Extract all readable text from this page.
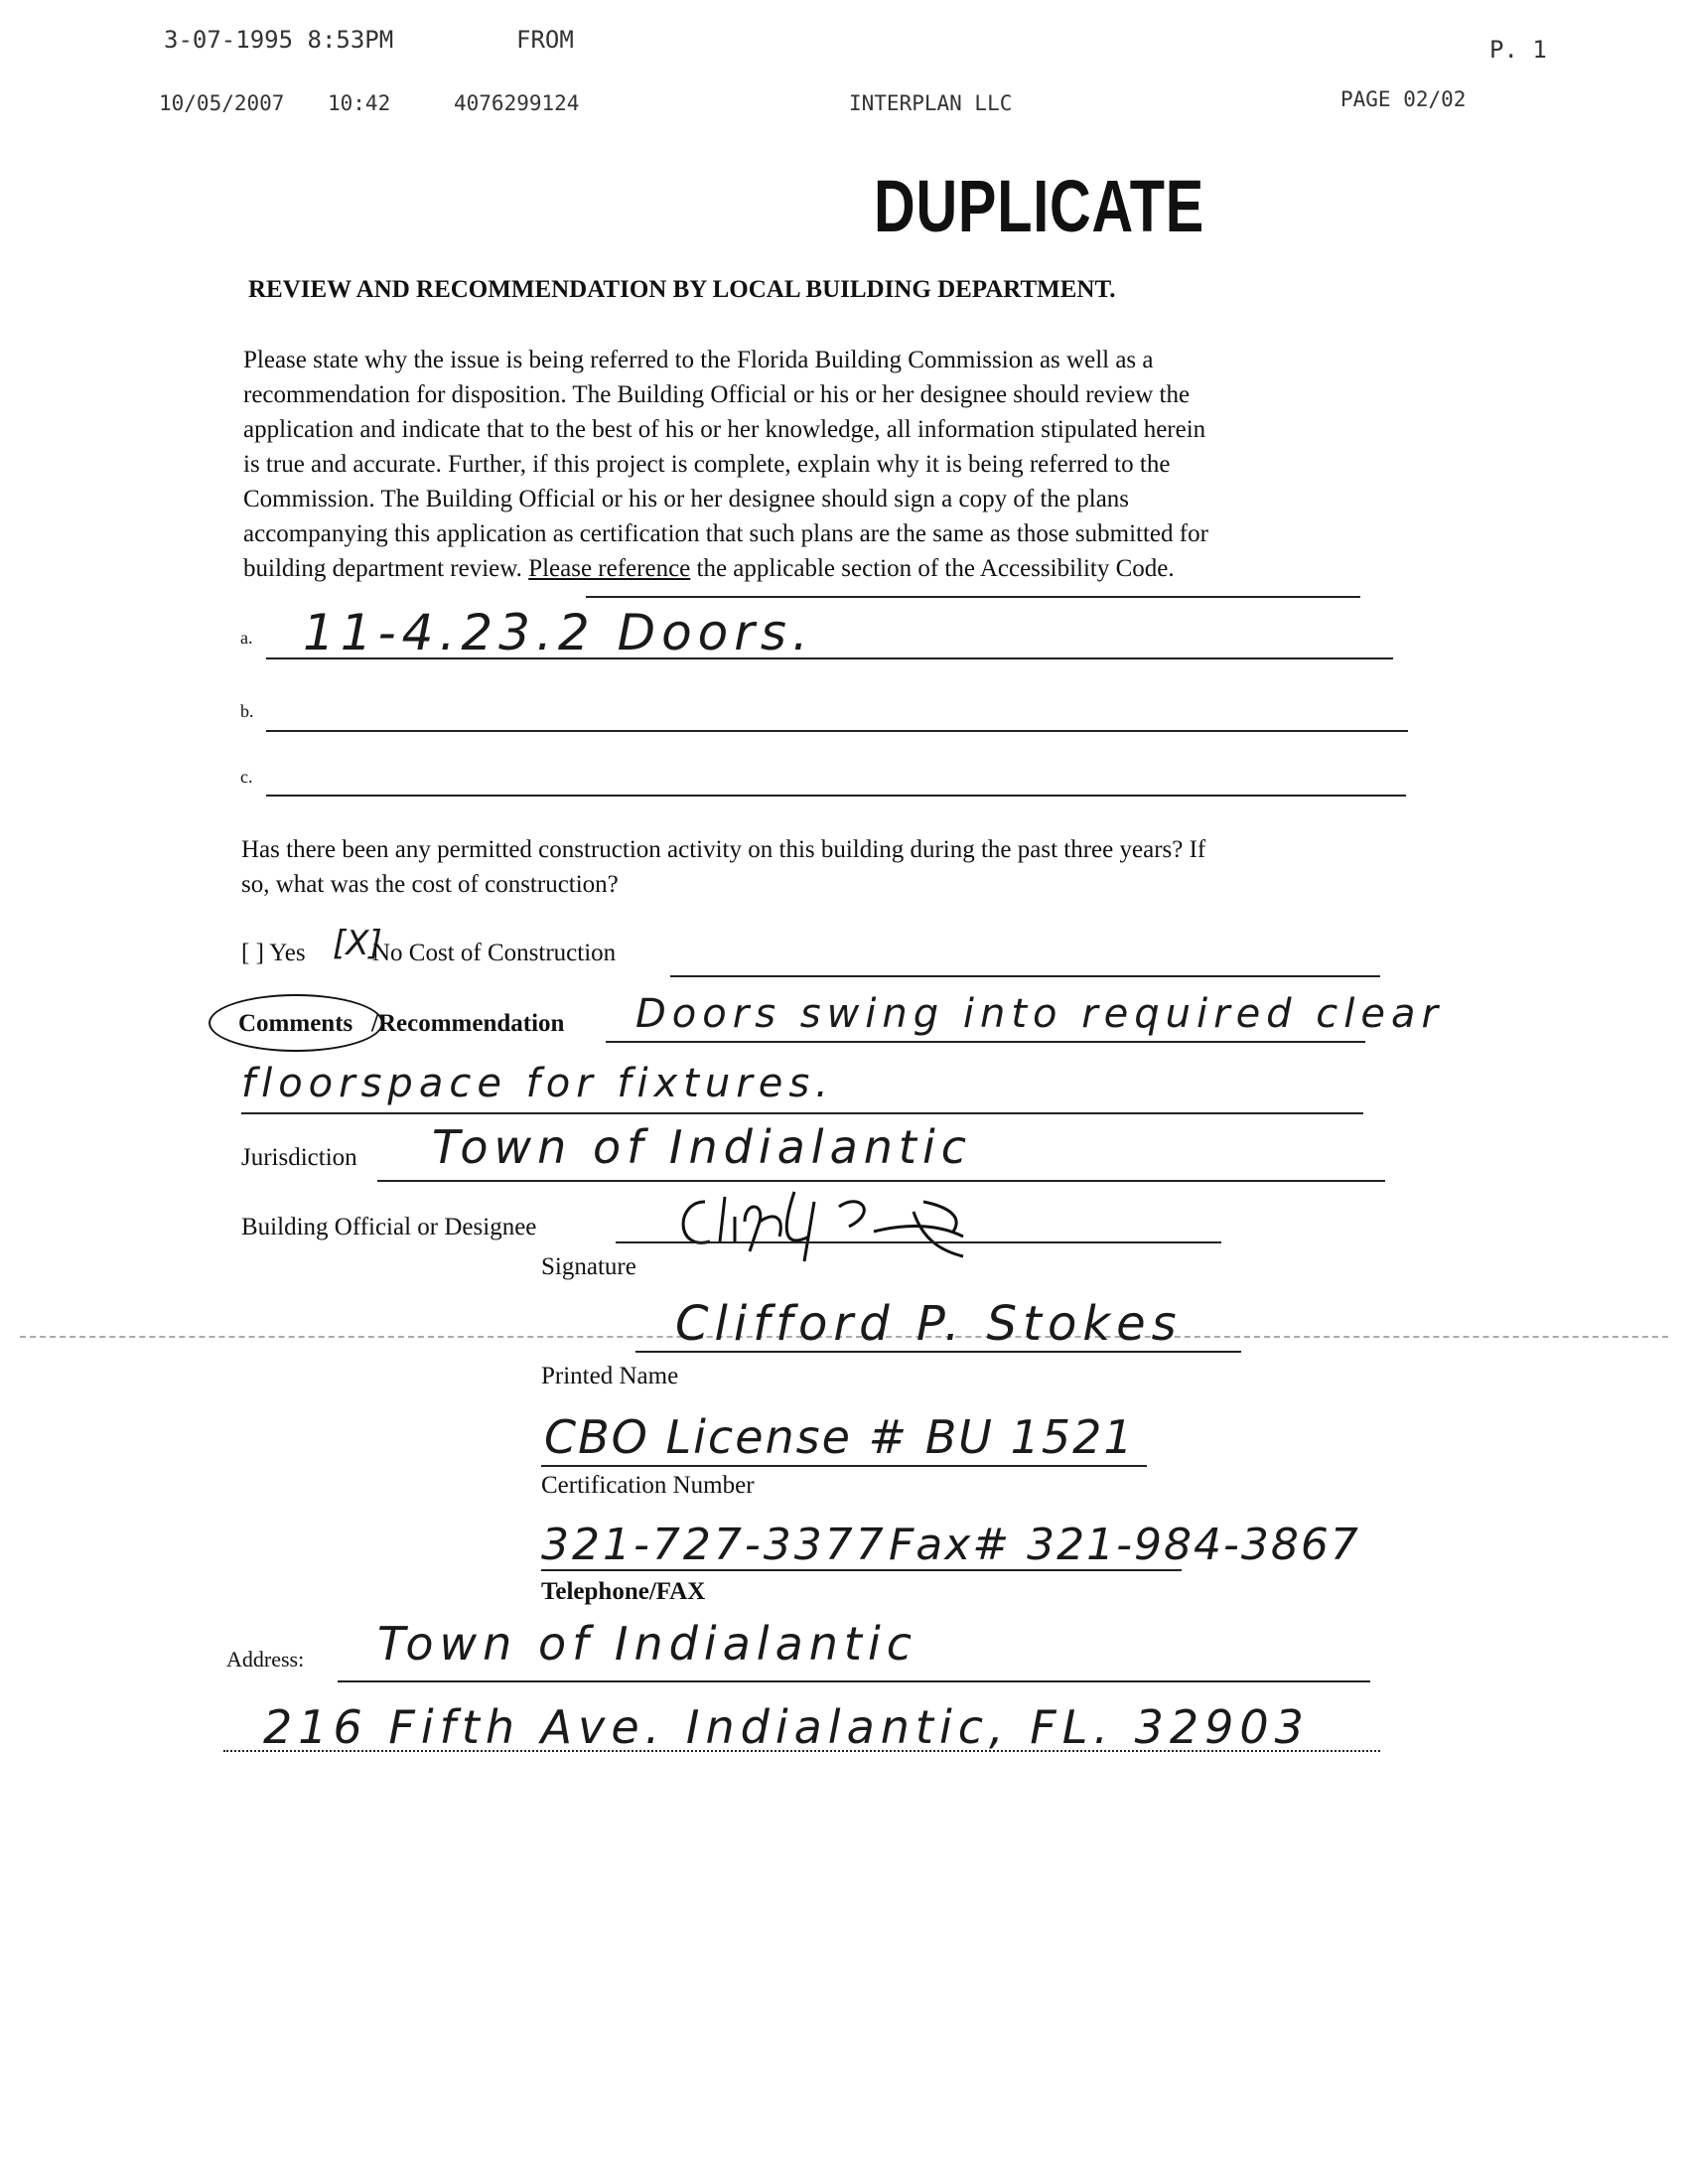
3-07-1995 8:53PM	FROM	P. 1
10/05/2007 10:42	4076299124	INTERPLAN LLC	PAGE 02/02
DUPLICATE
REVIEW AND RECOMMENDATION BY LOCAL BUILDING DEPARTMENT.
Please state why the issue is being referred to the Florida Building Commission as well as a
recommendation for disposition. The Building Official or his or her designee should review the
application and indicate that to the best of his or her knowledge, all information stipulated herein
is true and accurate. Further, if this project is complete, explain why it is being referred to the
Commission. The Building Official or his or her designee should sign a copy of the plans
accompanying this application as certification that such plans are the same as those submitted for
building department review. Please reference the applicable section of the Accessibility Code.
a. 11-4.23.2 Doors.
b.
c.
Has there been any permitted construction activity on this building during the past three years? If
so, what was the cost of construction?
[ ] Yes [X]
No Cost of Construction
Comments /Recommendation Doors swing into required clear
floorspace for fixtures.
Jurisdiction Town of Indialantic
Building Official or Designee
Signature
Clifford P. Stokes
Printed Name
CBO License # BU 1521
Certification Number
321-727-3377 Fax# 321-984-3867
Telephone/FAX
Address: Town of Indialantic
216 Fifth Ave. Indialantic, FL. 32903
